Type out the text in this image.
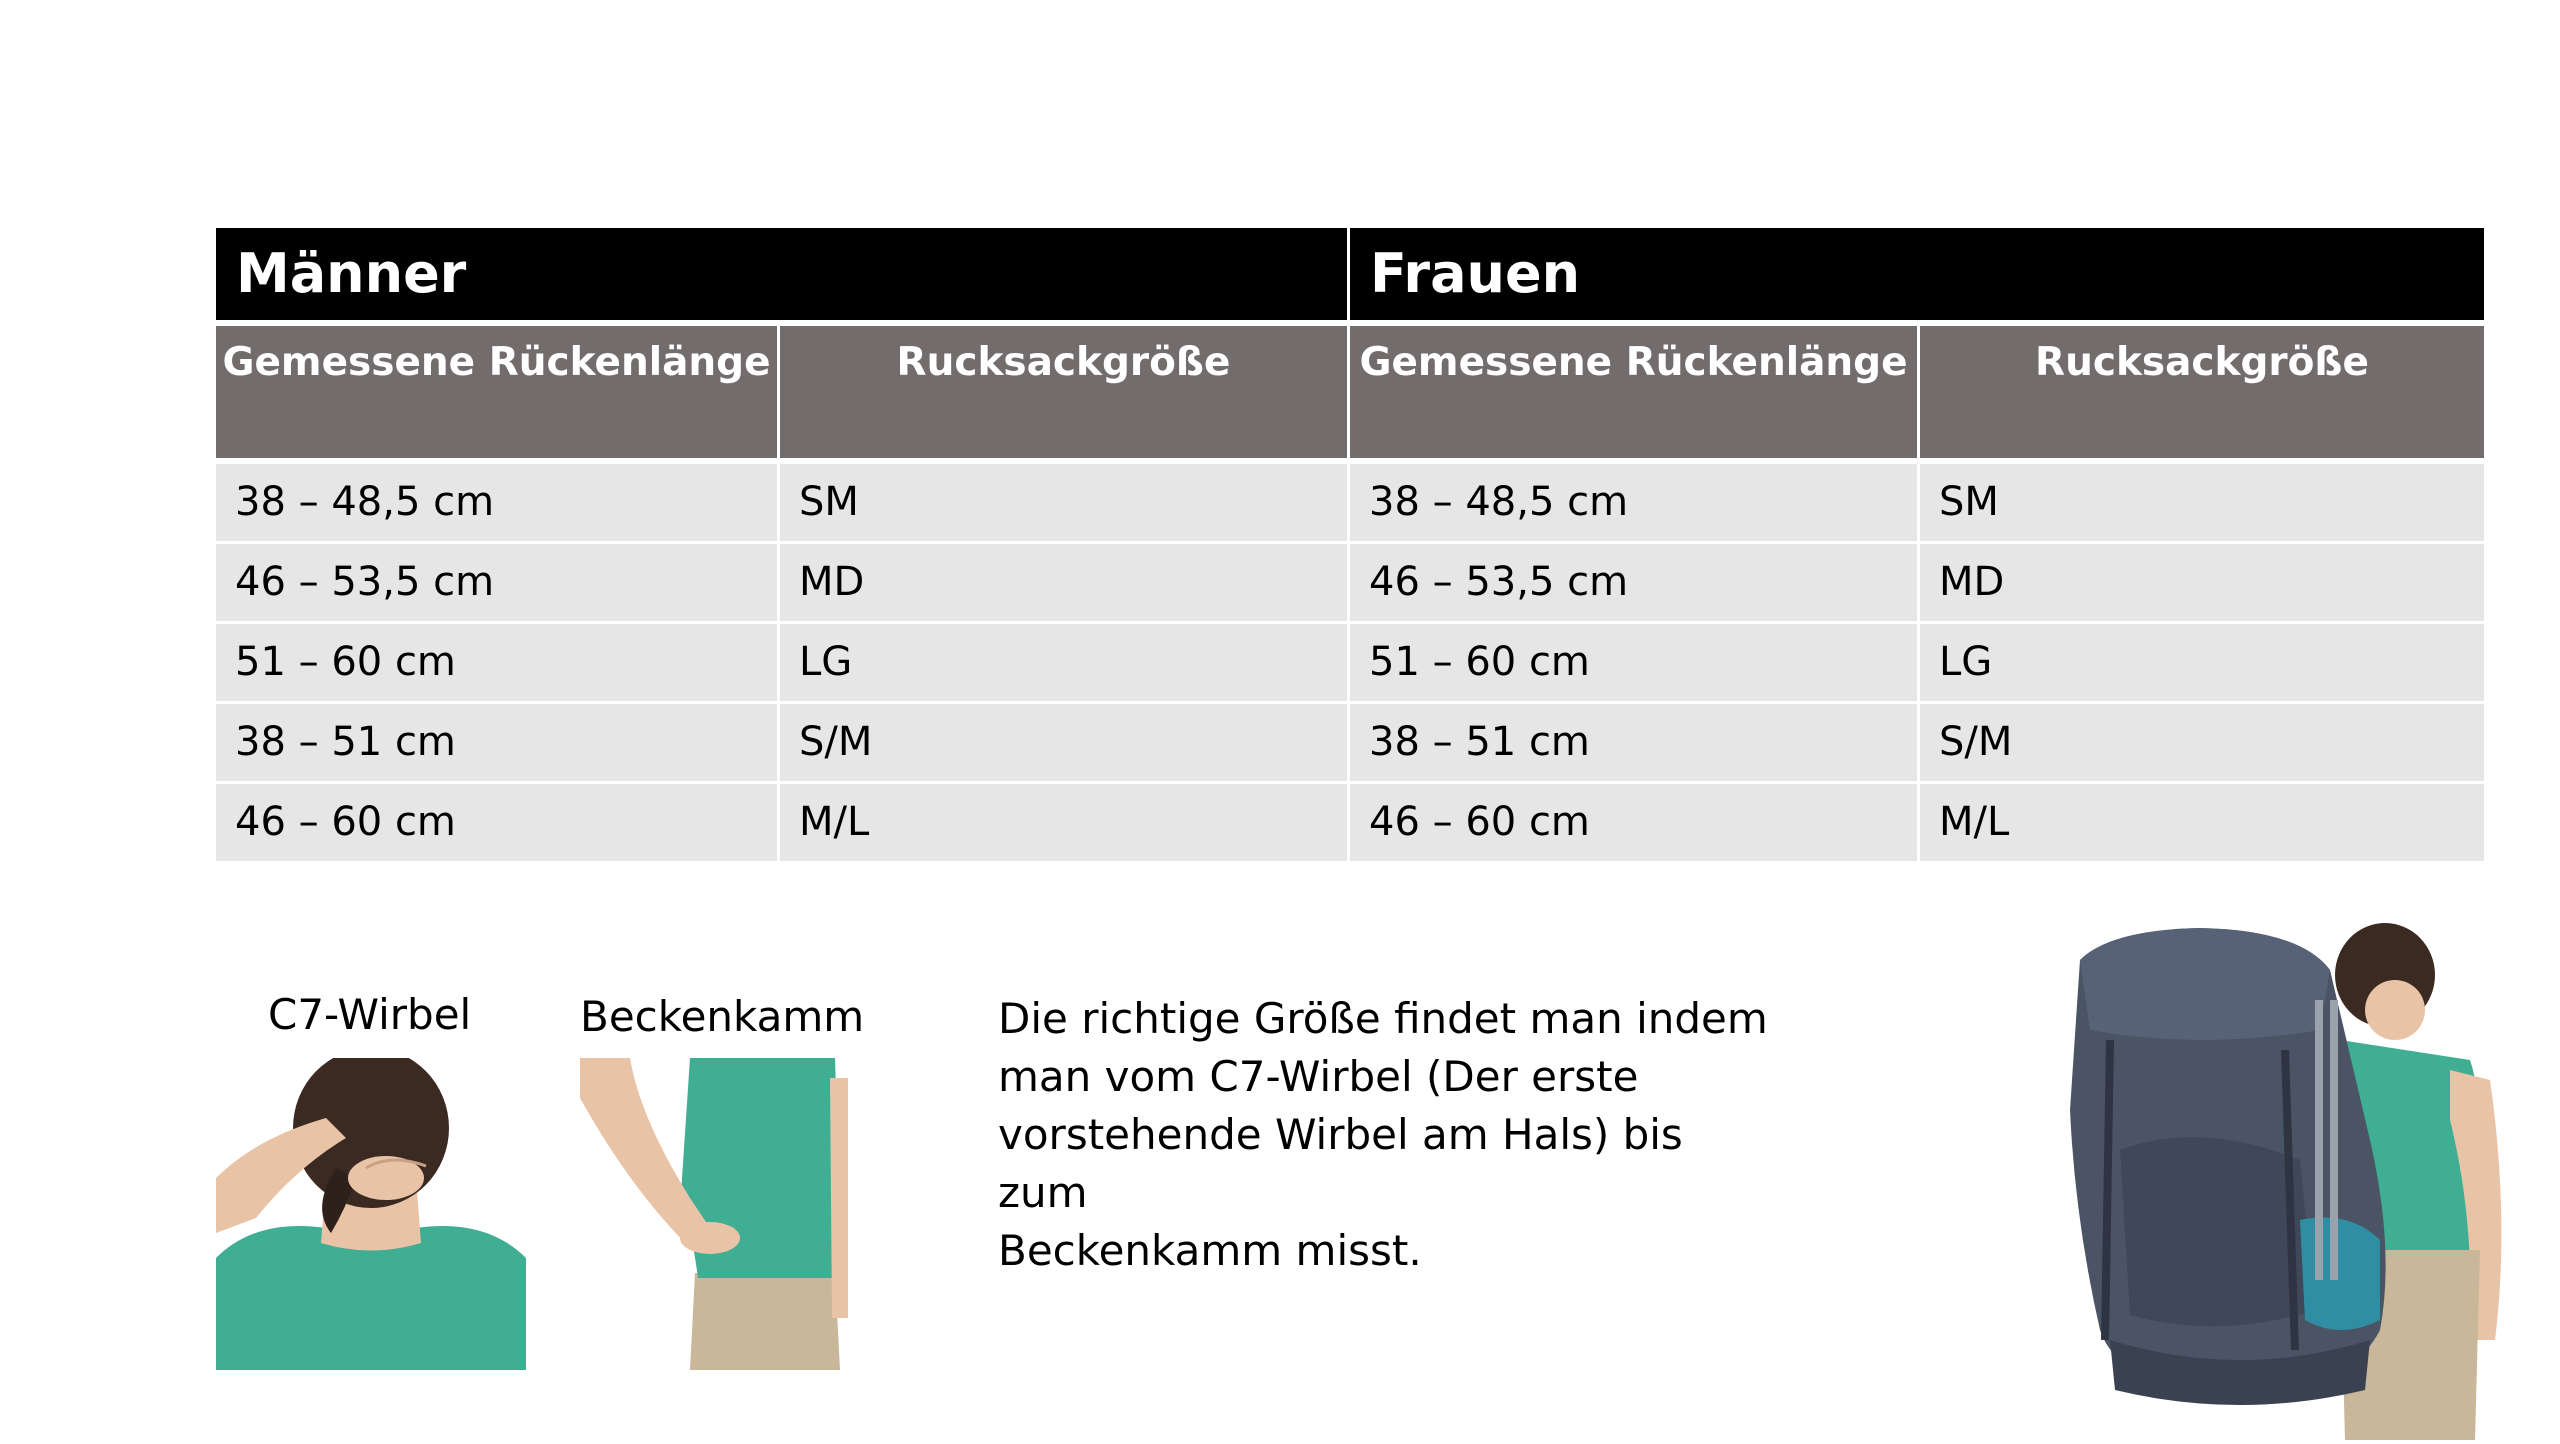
Männer	Frauen
Gemessene Rückenlänge	Rucksackgröße	Gemessene Rückenlänge	Rucksackgröße
38 – 48,5 cm	SM	38 – 48,5 cm	SM
46 – 53,5 cm	MD	46 – 53,5 cm	MD
51 – 60 cm	LG	51 – 60 cm	LG
38 – 51 cm	S/M	38 – 51 cm	S/M
46 – 60 cm	M/L	46 – 60 cm	M/L
C7-Wirbel	Beckenkamm	Die richtige Größe findet man indem
man vom C7-Wirbel (Der erste
vorstehende Wirbel am Hals) bis zum
Beckenkamm misst.
